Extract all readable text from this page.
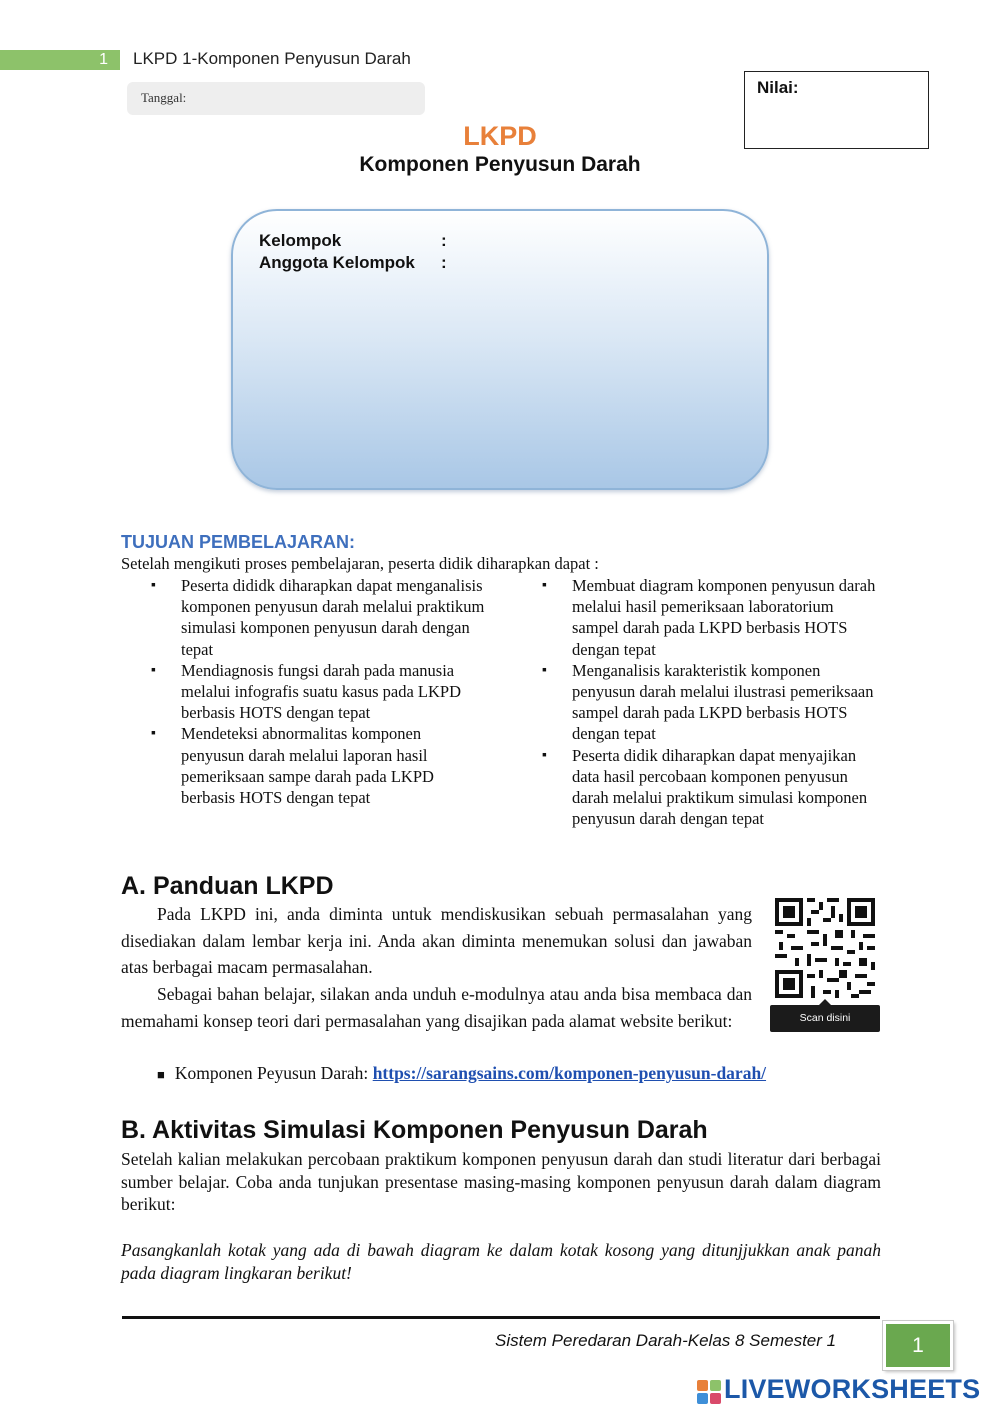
1	LKPD 1-Komponen Penyusun Darah
Tanggal:
Nilai:
LKPD
Komponen Penyusun Darah
Kelompok	:
Anggota Kelompok :
TUJUAN PEMBELAJARAN:
Setelah mengikuti proses pembelajaran, peserta didik diharapkan dapat :
▪ Peserta dididk diharapkan dapat menganalisis komponen penyusun darah melalui praktikum simulasi komponen penyusun darah dengan tepat
▪ Mendiagnosis fungsi darah pada manusia melalui infografis suatu kasus pada LKPD berbasis HOTS dengan tepat
▪ Mendeteksi abnormalitas komponen penyusun darah melalui laporan hasil pemeriksaan sampe darah pada LKPD berbasis HOTS dengan tepat
▪ Membuat diagram komponen penyusun darah melalui hasil pemeriksaan laboratorium sampel darah pada LKPD berbasis HOTS dengan tepat
▪ Menganalisis karakteristik komponen penyusun darah melalui ilustrasi pemeriksaan sampel darah pada LKPD berbasis HOTS dengan tepat
▪ Peserta didik diharapkan dapat menyajikan data hasil percobaan komponen penyusun darah melalui praktikum simulasi komponen penyusun darah dengan tepat
A. Panduan LKPD
Pada LKPD ini, anda diminta untuk mendiskusikan sebuah permasalahan yang disediakan dalam lembar kerja ini. Anda akan diminta menemukan solusi dan jawaban atas berbagai macam permasalahan.
Sebagai bahan belajar, silakan anda unduh e-modulnya atau anda bisa membaca dan memahami konsep teori dari permasalahan yang disajikan pada alamat website berikut:
■ Komponen Peyusun Darah: https://sarangsains.com/komponen-penyusun-darah/
Scan disini
B. Aktivitas Simulasi Komponen Penyusun Darah
Setelah kalian melakukan percobaan praktikum komponen penyusun darah dan studi literatur dari berbagai sumber belajar. Coba anda tunjukan presentase masing-masing komponen penyusun darah dalam diagram berikut:
Pasangkanlah kotak yang ada di bawah diagram ke dalam kotak kosong yang ditunjjukkan anak panah pada diagram lingkaran berikut!
Sistem Peredaran Darah-Kelas 8 Semester 1	1
LIVEWORKSHEETS
